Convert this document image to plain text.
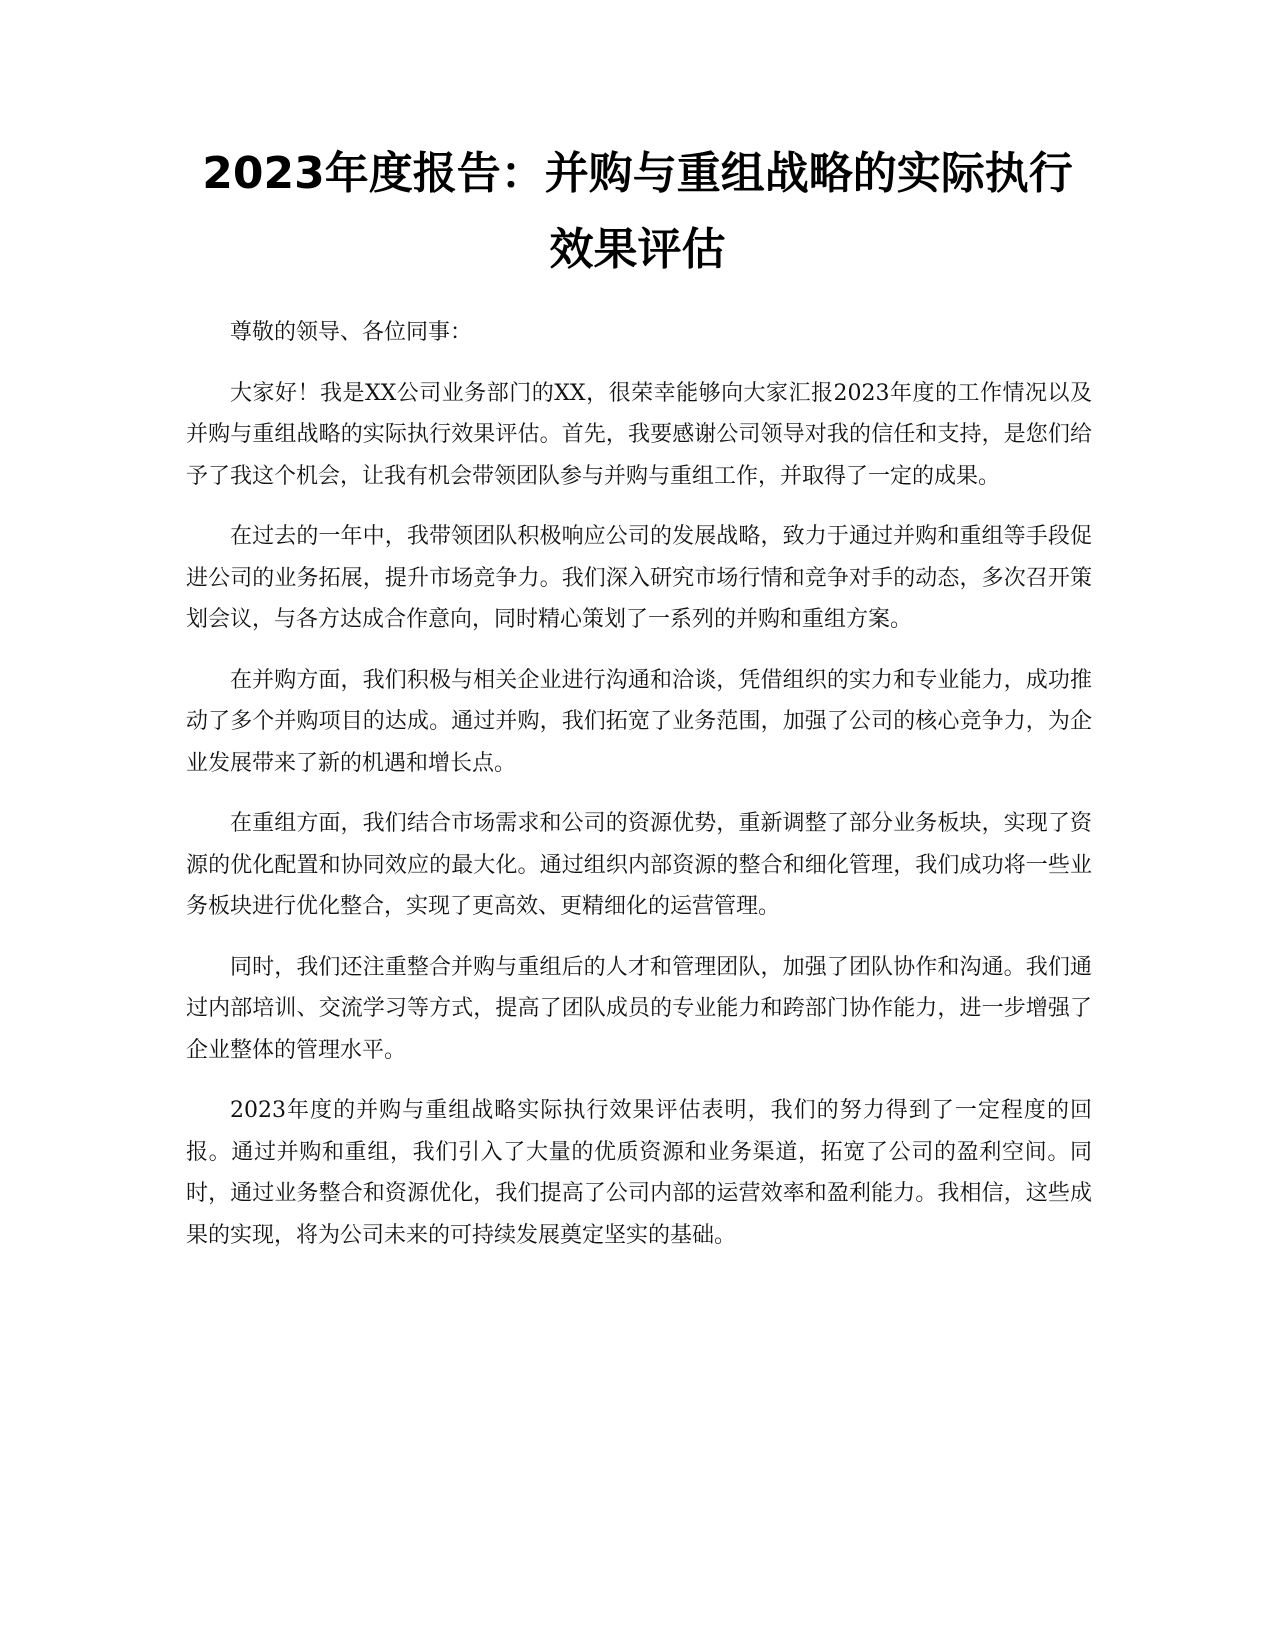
2023年度报告：并购与重组战略的实际执行
效果评估

尊敬的领导、各位同事：

大家好！我是XX公司业务部门的XX，很荣幸能够向大家汇报2023年度的工作情况以及并购与重组战略的实际执行效果评估。首先，我要感谢公司领导对我的信任和支持，是您们给予了我这个机会，让我有机会带领团队参与并购与重组工作，并取得了一定的成果。

在过去的一年中，我带领团队积极响应公司的发展战略，致力于通过并购和重组等手段促进公司的业务拓展，提升市场竞争力。我们深入研究市场行情和竞争对手的动态，多次召开策划会议，与各方达成合作意向，同时精心策划了一系列的并购和重组方案。

在并购方面，我们积极与相关企业进行沟通和洽谈，凭借组织的实力和专业能力，成功推动了多个并购项目的达成。通过并购，我们拓宽了业务范围，加强了公司的核心竞争力，为企业发展带来了新的机遇和增长点。

在重组方面，我们结合市场需求和公司的资源优势，重新调整了部分业务板块，实现了资源的优化配置和协同效应的最大化。通过组织内部资源的整合和细化管理，我们成功将一些业务板块进行优化整合，实现了更高效、更精细化的运营管理。

同时，我们还注重整合并购与重组后的人才和管理团队，加强了团队协作和沟通。我们通过内部培训、交流学习等方式，提高了团队成员的专业能力和跨部门协作能力，进一步增强了企业整体的管理水平。

2023年度的并购与重组战略实际执行效果评估表明，我们的努力得到了一定程度的回报。通过并购和重组，我们引入了大量的优质资源和业务渠道，拓宽了公司的盈利空间。同时，通过业务整合和资源优化，我们提高了公司内部的运营效率和盈利能力。我相信，这些成果的实现，将为公司未来的可持续发展奠定坚实的基础。
